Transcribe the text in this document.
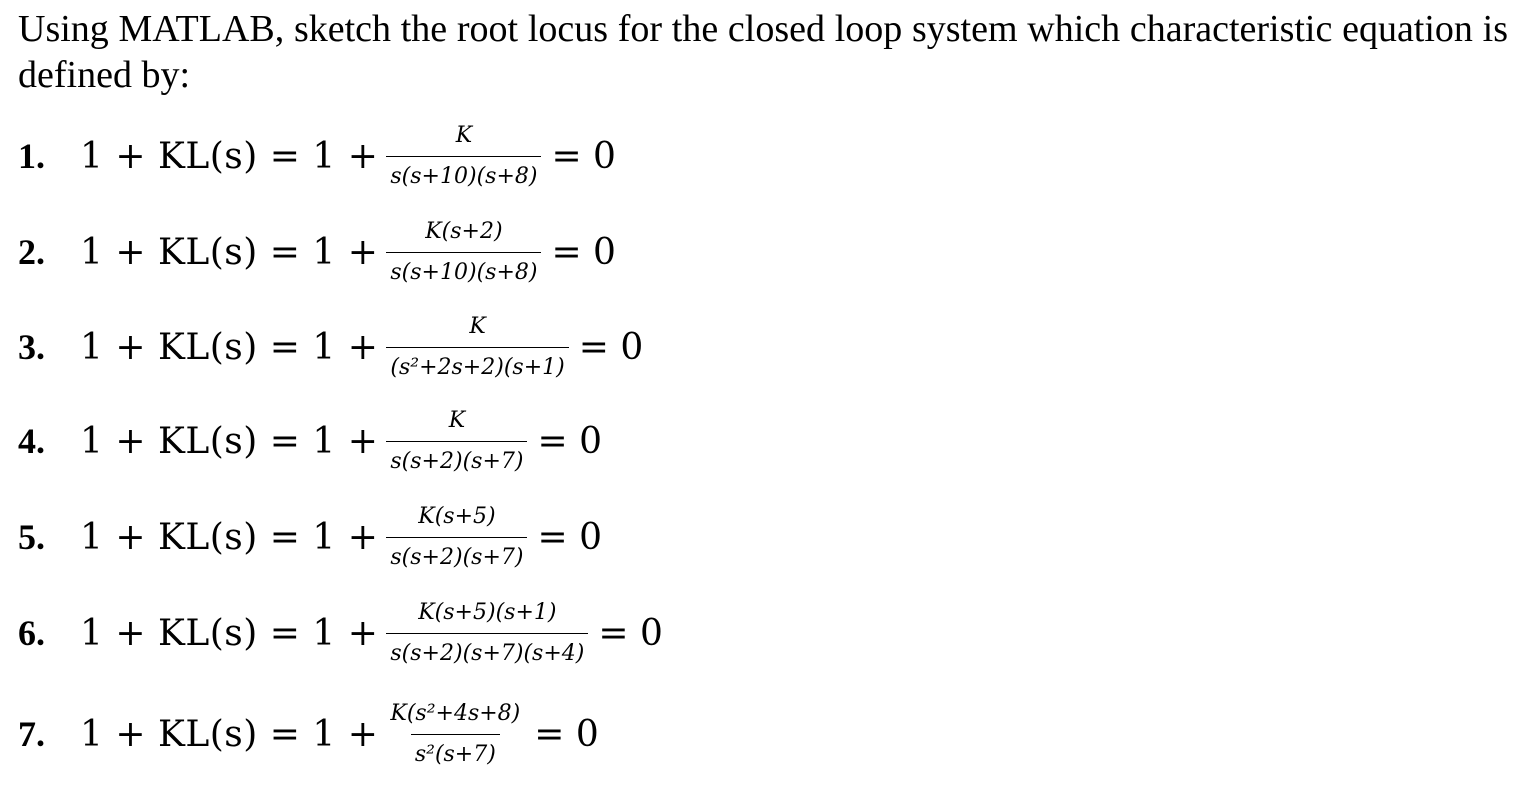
Using MATLAB, sketch the root locus for the closed loop system which characteristic equation is defined by:

1. $1 + KL(s) = 1 + \frac{K}{s(s+10)(s+8)} = 0$
2. $1 + KL(s) = 1 + \frac{K(s+2)}{s(s+10)(s+8)} = 0$
3. $1 + KL(s) = 1 + \frac{K}{\text{(s²+2s+2)(s+1)}} = 0$
4. $1 + KL(s) = 1 + \frac{K}{s(s+2)(s+7)} = 0$
5. $1 + KL(s) = 1 + \frac{K(s+5)}{s(s+2)(s+7)} = 0$
6. $1 + KL(s) = 1 + \frac{K(s+5)(s+1)}{s(s+2)(s+7)(s+4)} = 0$
7. $1 + KL(s) = 1 + \frac{\text{K(s²+4s+8)}}{\text{s²(s+7)}} = 0$
